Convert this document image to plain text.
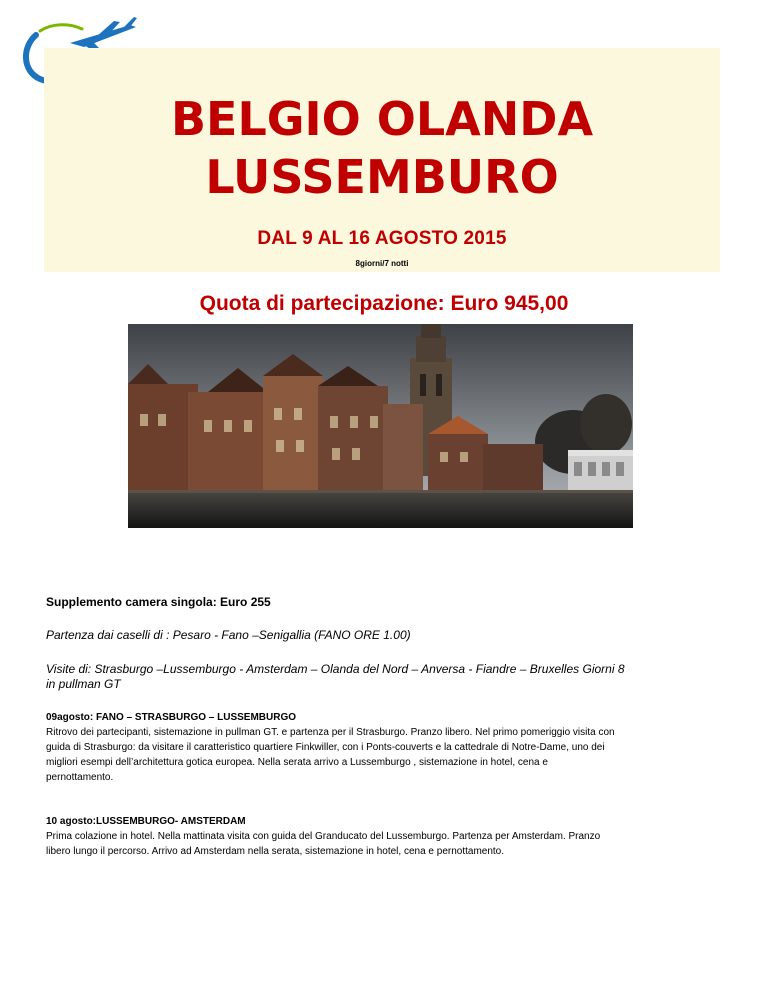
BELGIO OLANDA
LUSSEMBURO
DAL 9 AL 16 AGOSTO 2015
8giorni/7 notti
Quota di partecipazione: Euro 945,00
Supplemento camera singola: Euro 255
Partenza dai caselli di : Pesaro - Fano –Senigallia (FANO ORE 1.00)
Visite di: Strasburgo –Lussemburgo - Amsterdam – Olanda del Nord – Anversa - Fiandre – Bruxelles Giorni 8
in pullman GT
09agosto: FANO – STRASBURGO – LUSSEMBURGO
Ritrovo dei partecipanti, sistemazione in pullman GT. e partenza per il Strasburgo. Pranzo libero. Nel primo pomeriggio visita con
guida di Strasburgo: da visitare il caratteristico quartiere Finkwiller, con i Ponts-couverts e la cattedrale di Notre-Dame, uno dei
migliori esempi dell’architettura gotica europea. Nella serata arrivo a Lussemburgo , sistemazione in hotel, cena e
pernottamento.
10 agosto:LUSSEMBURGO- AMSTERDAM
Prima colazione in hotel. Nella mattinata visita con guida del Granducato del Lussemburgo. Partenza per Amsterdam. Pranzo
libero lungo il percorso. Arrivo ad Amsterdam nella serata, sistemazione in hotel, cena e pernottamento.
